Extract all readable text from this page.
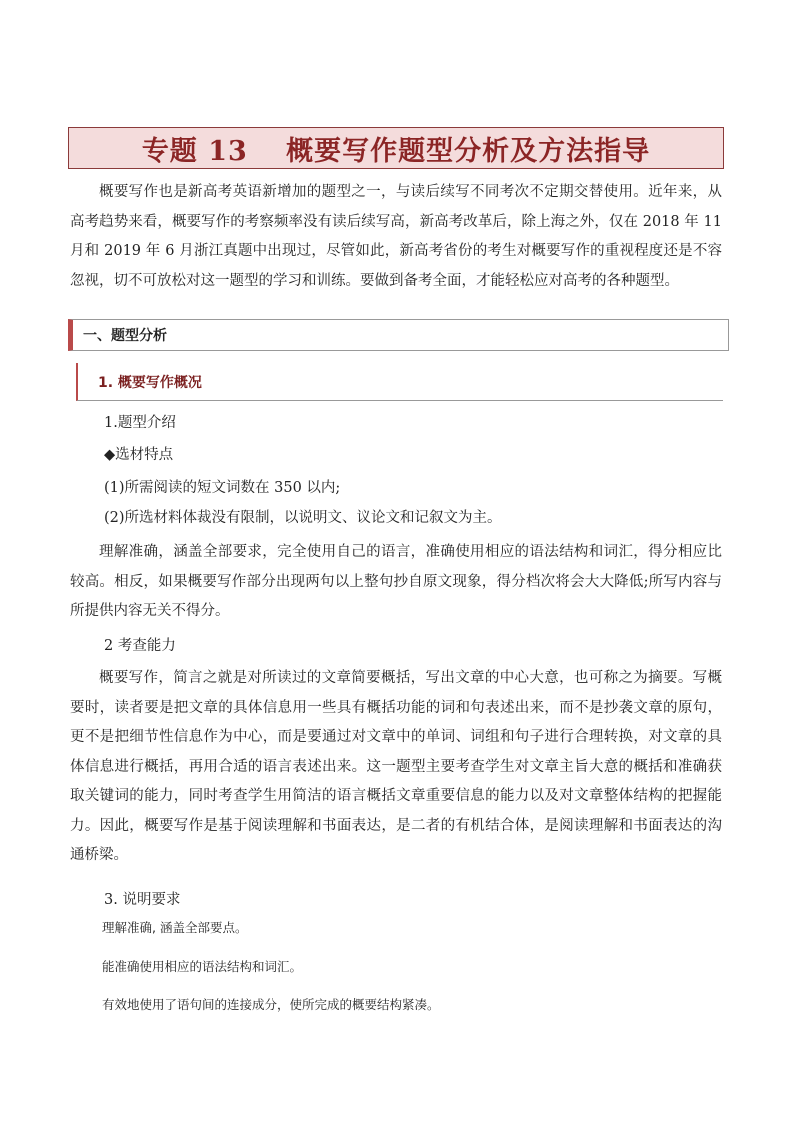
专题 13　 概要写作题型分析及方法指导

概要写作也是新高考英语新增加的题型之一，与读后续写不同考次不定期交替使用。近年来，从高考趋势来看，概要写作的考察频率没有读后续写高，新高考改革后，除上海之外，仅在 2018 年 11 月和 2019 年 6 月浙江真题中出现过，尽管如此，新高考省份的考生对概要写作的重视程度还是不容忽视，切不可放松对这一题型的学习和训练。要做到备考全面，才能轻松应对高考的各种题型。

一、题型分析
1. 概要写作概况

1.题型介绍

◆选材特点

(1)所需阅读的短文词数在 350 以内;

(2)所选材料体裁没有限制，以说明文、议论文和记叙文为主。

理解准确，涵盖全部要求，完全使用自己的语言，准确使用相应的语法结构和词汇，得分相应比较高。相反，如果概要写作部分出现两句以上整句抄自原文现象，得分档次将会大大降低;所写内容与所提供内容无关不得分。

2 考查能力

概要写作，简言之就是对所读过的文章简要概括，写出文章的中心大意，也可称之为摘要。写概要时，读者要是把文章的具体信息用一些具有概括功能的词和句表述出来，而不是抄袭文章的原句，更不是把细节性信息作为中心，而是要通过对文章中的单词、词组和句子进行合理转换，对文章的具体信息进行概括，再用合适的语言表述出来。这一题型主要考查学生对文章主旨大意的概括和准确获取关键词的能力，同时考查学生用简洁的语言概括文章重要信息的能力以及对文章整体结构的把握能力。因此，概要写作是基于阅读理解和书面表达，是二者的有机结合体，是阅读理解和书面表达的沟通桥梁。

3. 说明要求

理解准确, 涵盖全部要点。

能准确使用相应的语法结构和词汇。

有效地使用了语句间的连接成分，使所完成的概要结构紧凑。
